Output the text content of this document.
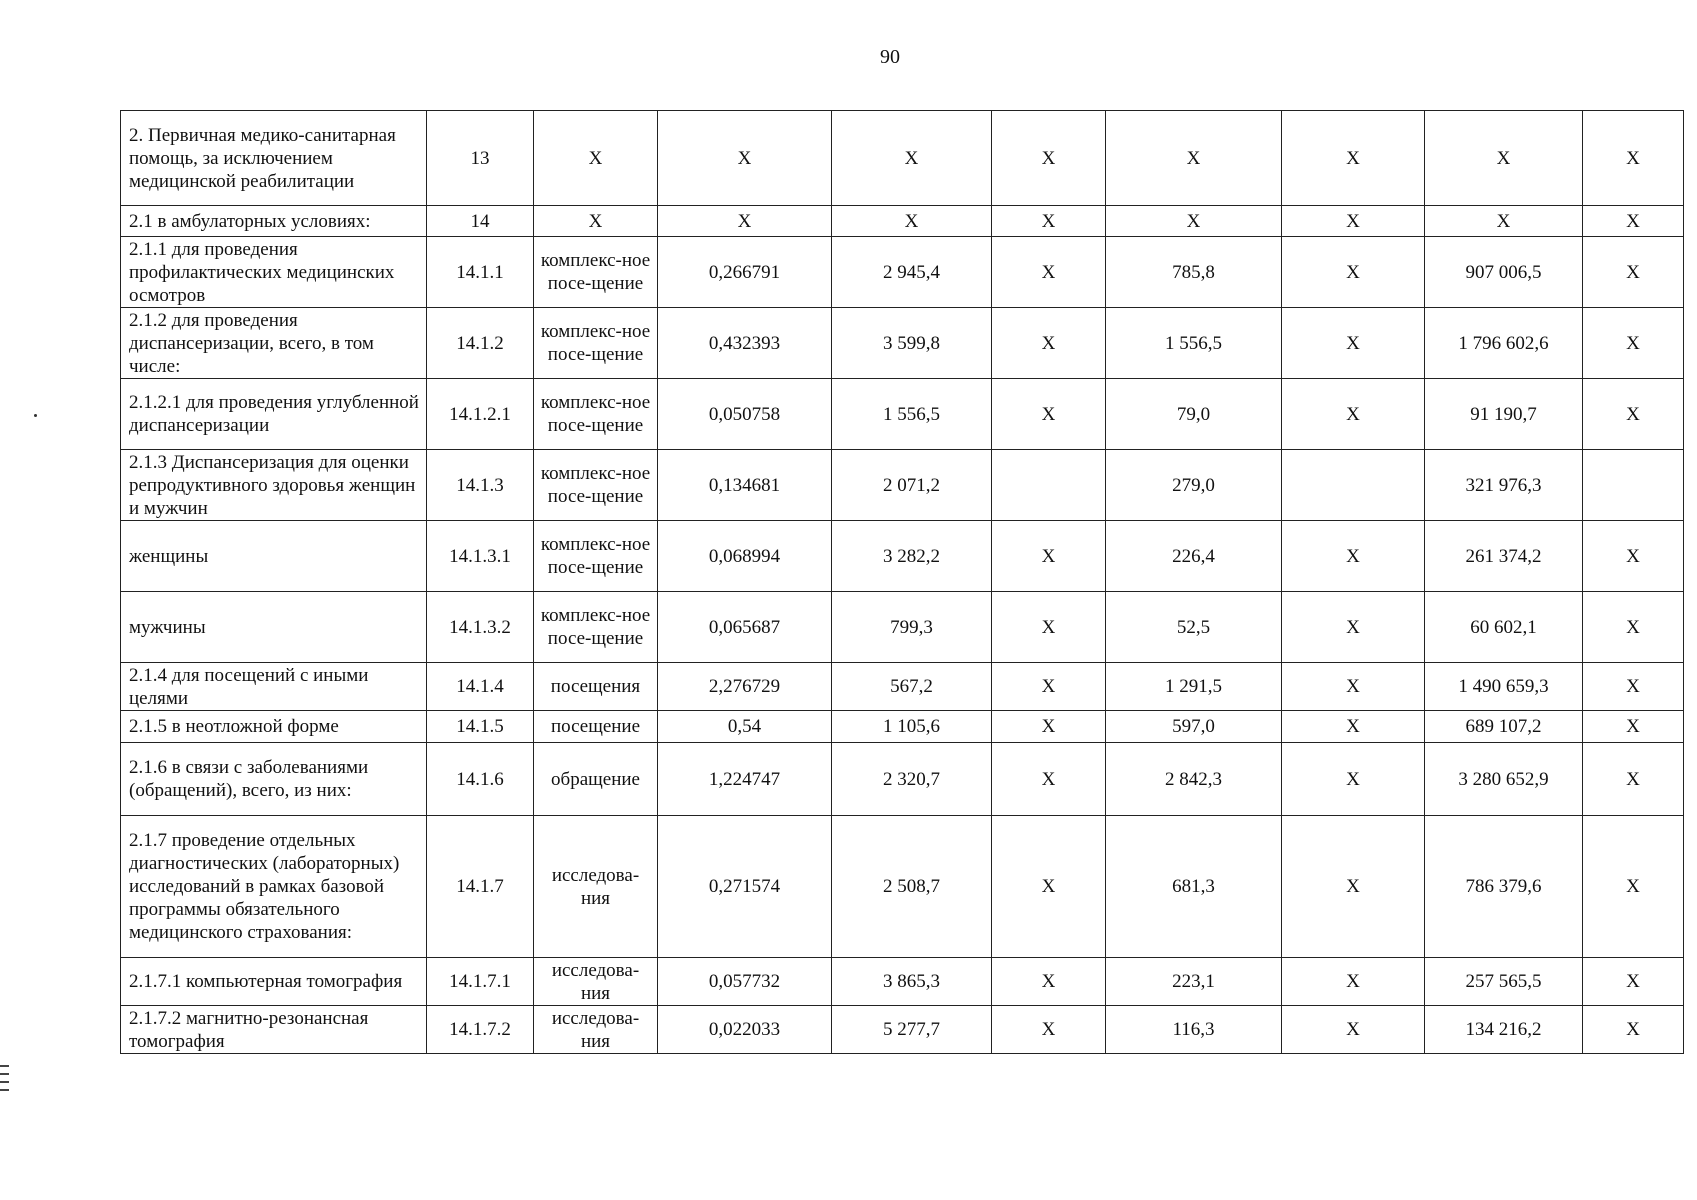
90
2. Первичная медико-санитарная помощь, за исключением медицинской реабилитации	13	X	X	X	X	X	X	X	X
2.1 в амбулаторных условиях:	14	X	X	X	X	X	X	X	X
2.1.1 для проведения профилактических медицинских осмотров	14.1.1	комплекс-ное посе-щение	0,266791	2 945,4	X	785,8	X	907 006,5	X
2.1.2 для проведения диспансеризации, всего, в том числе:	14.1.2	комплекс-ное посе-щение	0,432393	3 599,8	X	1 556,5	X	1 796 602,6	X
2.1.2.1 для проведения углубленной диспансеризации	14.1.2.1	комплекс-ное посе-щение	0,050758	1 556,5	X	79,0	X	91 190,7	X
2.1.3 Диспансеризация для оценки репродуктивного здоровья женщин и мужчин	14.1.3	комплекс-ное посе-щение	0,134681	2 071,2		279,0		321 976,3	
женщины	14.1.3.1	комплекс-ное посе-щение	0,068994	3 282,2	X	226,4	X	261 374,2	X
мужчины	14.1.3.2	комплекс-ное посе-щение	0,065687	799,3	X	52,5	X	60 602,1	X
2.1.4 для посещений с иными целями	14.1.4	посещения	2,276729	567,2	X	1 291,5	X	1 490 659,3	X
2.1.5 в неотложной форме	14.1.5	посещение	0,54	1 105,6	X	597,0	X	689 107,2	X
2.1.6 в связи с заболеваниями (обращений), всего, из них:	14.1.6	обращение	1,224747	2 320,7	X	2 842,3	X	3 280 652,9	X
2.1.7 проведение отдельных диагностических (лабораторных) исследований в рамках базовой программы обязательного медицинского страхования:	14.1.7	исследова-ния	0,271574	2 508,7	X	681,3	X	786 379,6	X
2.1.7.1 компьютерная томография	14.1.7.1	исследова-ния	0,057732	3 865,3	X	223,1	X	257 565,5	X
2.1.7.2 магнитно-резонансная томография	14.1.7.2	исследова-ния	0,022033	5 277,7	X	116,3	X	134 216,2	X
